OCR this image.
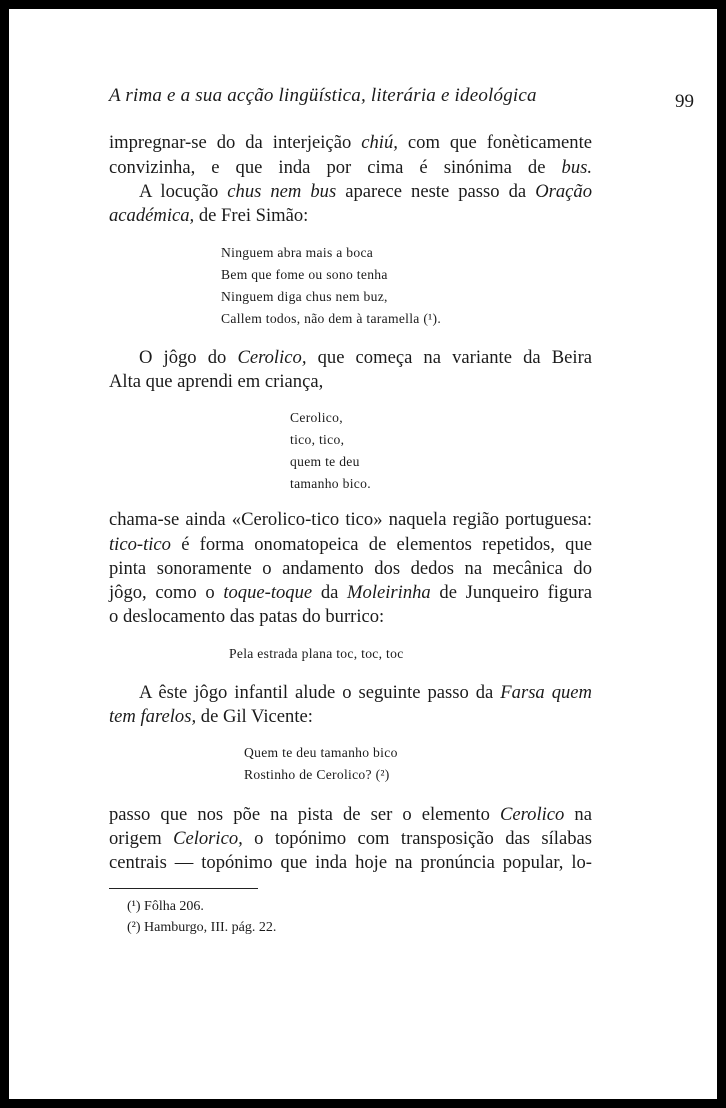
A rima e a sua acção lingüística, literária e ideológica	99
impregnar-se do da interjeição chiú, com que fonèticamente
convizinha, e que inda por cima é sinónima de bus.
A locução chus nem bus aparece neste passo da Oração
académica, de Frei Simão:
Ninguem abra mais a boca
Bem que fome ou sono tenha
Ninguem diga chus nem buz,
Callem todos, não dem à taramella (¹).
O jôgo do Cerolico, que começa na variante da Beira
Alta que aprendi em criança,
Cerolico,
tico, tico,
quem te deu
tamanho bico.
chama-se ainda «Cerolico-tico tico» naquela região portuguesa:
tico-tico é forma onomatopeica de elementos repetidos, que
pinta sonoramente o andamento dos dedos na mecânica do
jôgo, como o toque-toque da Moleirinha de Junqueiro figura
o deslocamento das patas do burrico:
Pela estrada plana toc, toc, toc
A êste jôgo infantil alude o seguinte passo da Farsa quem
tem farelos, de Gil Vicente:
Quem te deu tamanho bico
Rostinho de Cerolico? (²)
passo que nos põe na pista de ser o elemento Cerolico na
origem Celorico, o topónimo com transposição das sílabas
centrais — topónimo que inda hoje na pronúncia popular, lo-
(¹) Fôlha 206.
(²) Hamburgo, III. pág. 22.
